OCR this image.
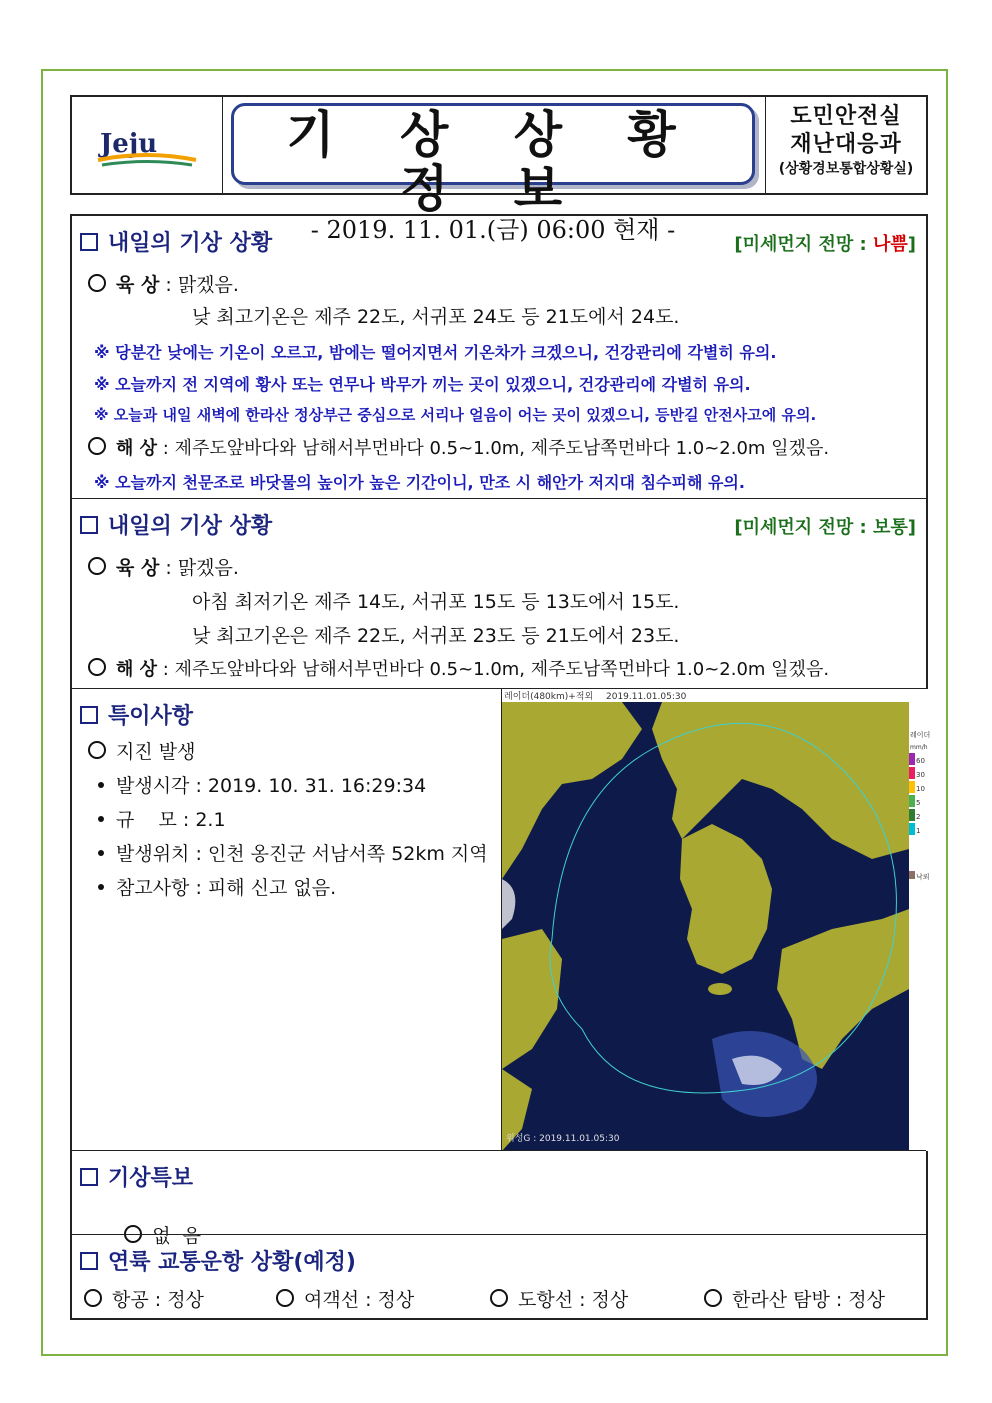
Jeju	기 상 상 황 정 보
- 2019. 11. 01.(금) 06:00 현재 -
도민안전실
재난대응과
(상황경보통합상황실)
내일의 기상 상황	[미세먼지 전망 : 나쁨]
육 상 : 맑겠음.
낮 최고기온은 제주 22도, 서귀포 24도 등 21도에서 24도.
※ 당분간 낮에는 기온이 오르고, 밤에는 떨어지면서 기온차가 크겠으니, 건강관리에 각별히 유의.
※ 오늘까지 전 지역에 황사 또는 연무나 박무가 끼는 곳이 있겠으니, 건강관리에 각별히 유의.
※ 오늘과 내일 새벽에 한라산 정상부근 중심으로 서리나 얼음이 어는 곳이 있겠으니, 등반길 안전사고에 유의.
해 상 : 제주도앞바다와 남해서부먼바다 0.5~1.0m, 제주도남쪽먼바다 1.0~2.0m 일겠음.
※ 오늘까지 천문조로 바닷물의 높이가 높은 기간이니, 만조 시 해안가 저지대 침수피해 유의.
내일의 기상 상황	[미세먼지 전망 : 보통]
육 상 : 맑겠음.
아침 최저기온 제주 14도, 서귀포 15도 등 13도에서 15도.
낮 최고기온은 제주 22도, 서귀포 23도 등 21도에서 23도.
해 상 : 제주도앞바다와 남해서부먼바다 0.5~1.0m, 제주도남쪽먼바다 1.0~2.0m 일겠음.
특이사항
지진 발생
발생시각 : 2019. 10. 31. 16:29:34
규    모 : 2.1
발생위치 : 인천 옹진군 서남서쪽 52km 지역
참고사항 : 피해 신고 없음.
레이더(480km)+적외 2019.11.01.05:30
레이더
mm/h
60
30
10
5
2
1
낙뢰
위성G : 2019.11.01.05:30
기상특보

없  음

연륙 교통운항 상황(예정)
항공 : 정상	여객선 : 정상	도항선 : 정상	한라산 탐방 : 정상
